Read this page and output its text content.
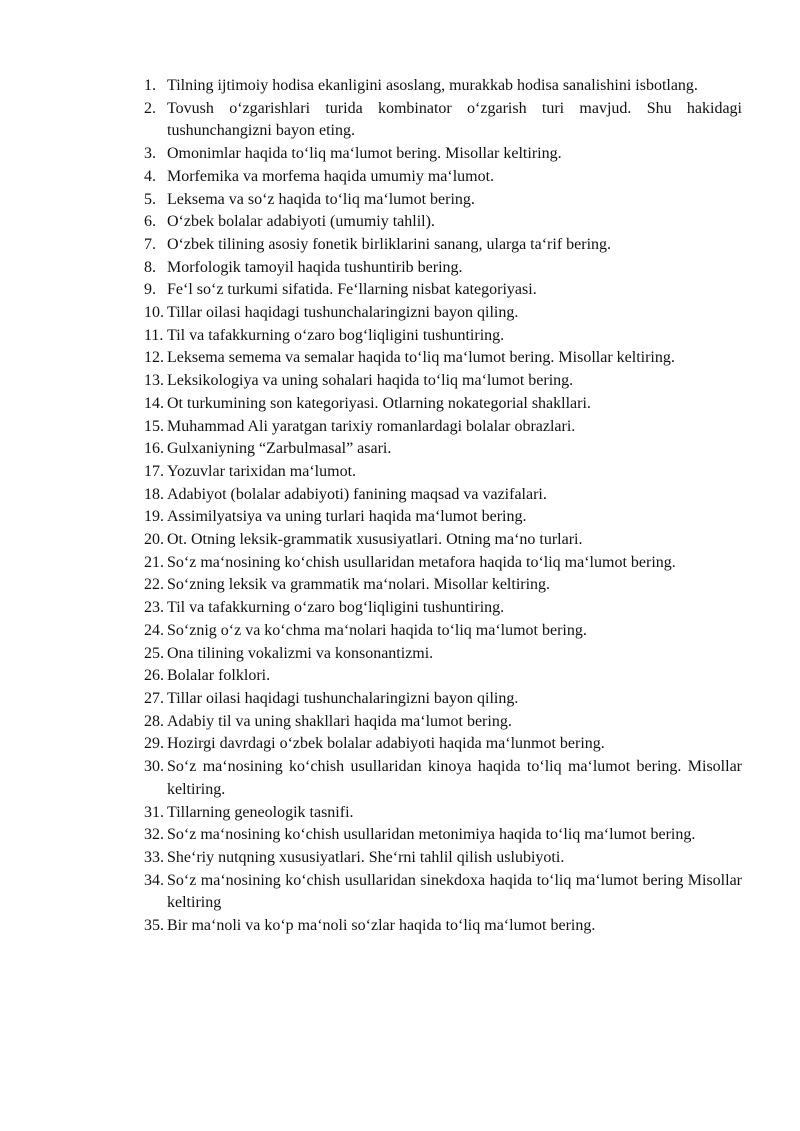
1. Tilning ijtimoiy hodisa ekanligini asoslang, murakkab hodisa sanalishini isbotlang.
2. Tovush o‘zgarishlari turida kombinator o‘zgarish turi mavjud. Shu hakidagi tushunchangizni bayon eting.
3. Omonimlar haqida to‘liq ma‘lumot bering. Misollar keltiring.
4. Morfemika va morfema haqida umumiy ma‘lumot.
5. Leksema va so‘z haqida to‘liq ma‘lumot bering.
6. O‘zbek bolalar adabiyoti (umumiy tahlil).
7. O‘zbek tilining asosiy fonetik birliklarini sanang, ularga ta‘rif bering.
8. Morfologik tamoyil haqida tushuntirib bering.
9. Fe‘l so‘z turkumi sifatida. Fe‘llarning nisbat kategoriyasi.
10. Tillar oilasi haqidagi tushunchalaringizni bayon qiling.
11. Til va tafakkurning o‘zaro bog‘liqligini tushuntiring.
12. Leksema semema va semalar haqida to‘liq ma‘lumot bering. Misollar keltiring.
13. Leksikologiya va uning sohalari haqida to‘liq ma‘lumot bering.
14. Ot turkumining son kategoriyasi. Otlarning nokategorial shakllari.
15. Muhammad Ali yaratgan tarixiy romanlardagi bolalar obrazlari.
16. Gulxaniyning “Zarbulmasal” asari.
17. Yozuvlar tarixidan ma‘lumot.
18. Adabiyot (bolalar adabiyoti) fanining maqsad va vazifalari.
19. Assimilyatsiya va uning turlari haqida ma‘lumot bering.
20. Ot. Otning leksik-grammatik xususiyatlari. Otning ma‘no turlari.
21. So‘z ma‘nosining ko‘chish usullaridan metafora haqida to‘liq ma‘lumot bering.
22. So‘zning leksik va grammatik ma‘nolari. Misollar keltiring.
23. Til va tafakkurning o‘zaro bog‘liqligini tushuntiring.
24. So‘znig o‘z va ko‘chma ma‘nolari haqida to‘liq ma‘lumot bering.
25. Ona tilining vokalizmi va konsonantizmi.
26. Bolalar folklori.
27. Tillar oilasi haqidagi tushunchalaringizni bayon qiling.
28. Adabiy til va uning shakllari haqida ma‘lumot bering.
29. Hozirgi davrdagi o‘zbek bolalar adabiyoti haqida ma‘lunmot bering.
30. So‘z ma‘nosining ko‘chish usullaridan kinoya haqida to‘liq ma‘lumot bering. Misollar keltiring.
31. Tillarning geneologik tasnifi.
32. So‘z ma‘nosining ko‘chish usullaridan metonimiya haqida to‘liq ma‘lumot bering.
33. She‘riy nutqning xususiyatlari. She‘rni tahlil qilish uslubiyoti.
34. So‘z ma‘nosining ko‘chish usullaridan sinekdoxa haqida to‘liq ma‘lumot bering Misollar keltiring
35. Bir ma‘noli va ko‘p ma‘noli so‘zlar haqida to‘liq ma‘lumot bering.
